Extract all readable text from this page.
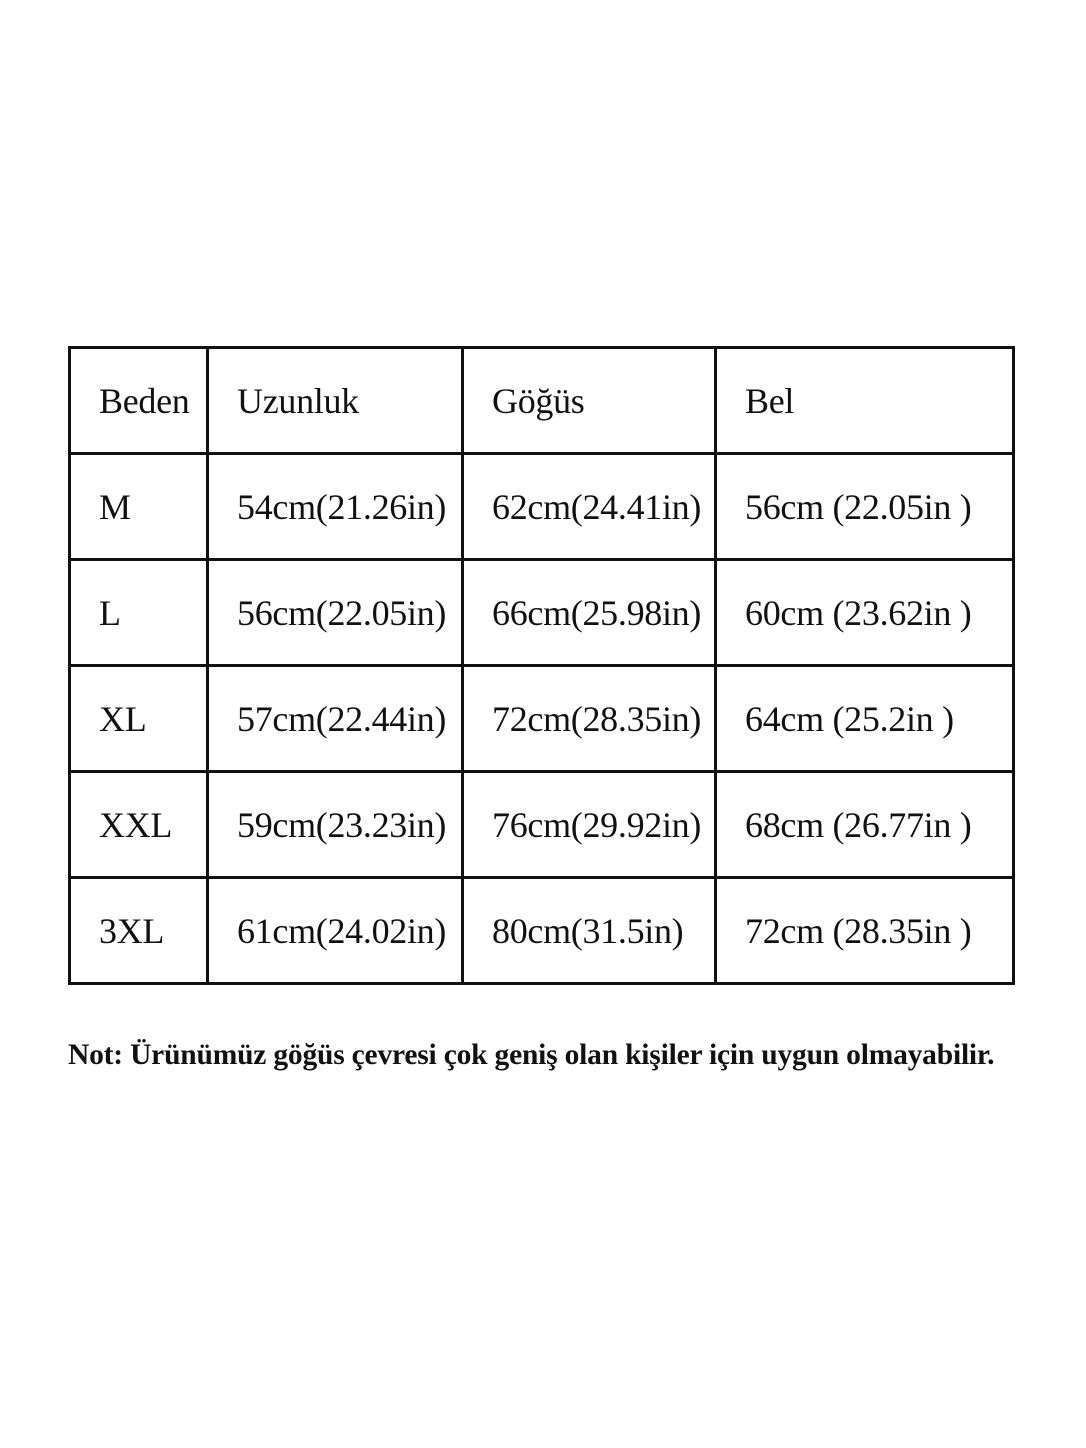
Beden	Uzunluk	Göğüs	Bel
M	54cm(21.26in)	62cm(24.41in)	56cm (22.05in )
L	56cm(22.05in)	66cm(25.98in)	60cm (23.62in )
XL	57cm(22.44in)	72cm(28.35in)	64cm (25.2in )
XXL	59cm(23.23in)	76cm(29.92in)	68cm (26.77in )
3XL	61cm(24.02in)	80cm(31.5in)	72cm (28.35in )
Not: Ürünümüz göğüs çevresi çok geniş olan kişiler için uygun olmayabilir.
